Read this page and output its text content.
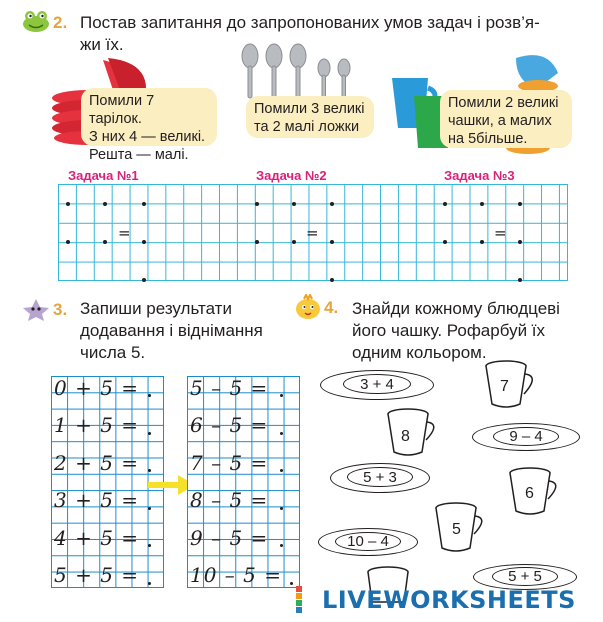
2. Постав запитання до запропонованих умов задач і розв’я-
жи їх.
Помили 7 тарілок.
З них 4 — великі.
Решта — малі.
Помили 3 великі
та 2 малі ложки
Помили 2 великі
чашки, а малих
на 5більше.
Задача №1	Задача №2	Задача №3
=	=	=
3. Запиши результати
додавання і віднімання
числа 5.
0 + 5 =
1 + 5 =
2 + 5 =
3 + 5 =
4 + 5 =
5 + 5 =
5 – 5 =
6 – 5 =
7 – 5 =
8 – 5 =
9 – 5 =
10 – 5 =
4. Знайди кожному блюдцеві
його чашку. Рофарбуй їх
одним кольором.
3 + 4
9 – 4
5 + 3
10 – 4
5 + 5
7
8
6
5
LIVEWORKSHEETS
